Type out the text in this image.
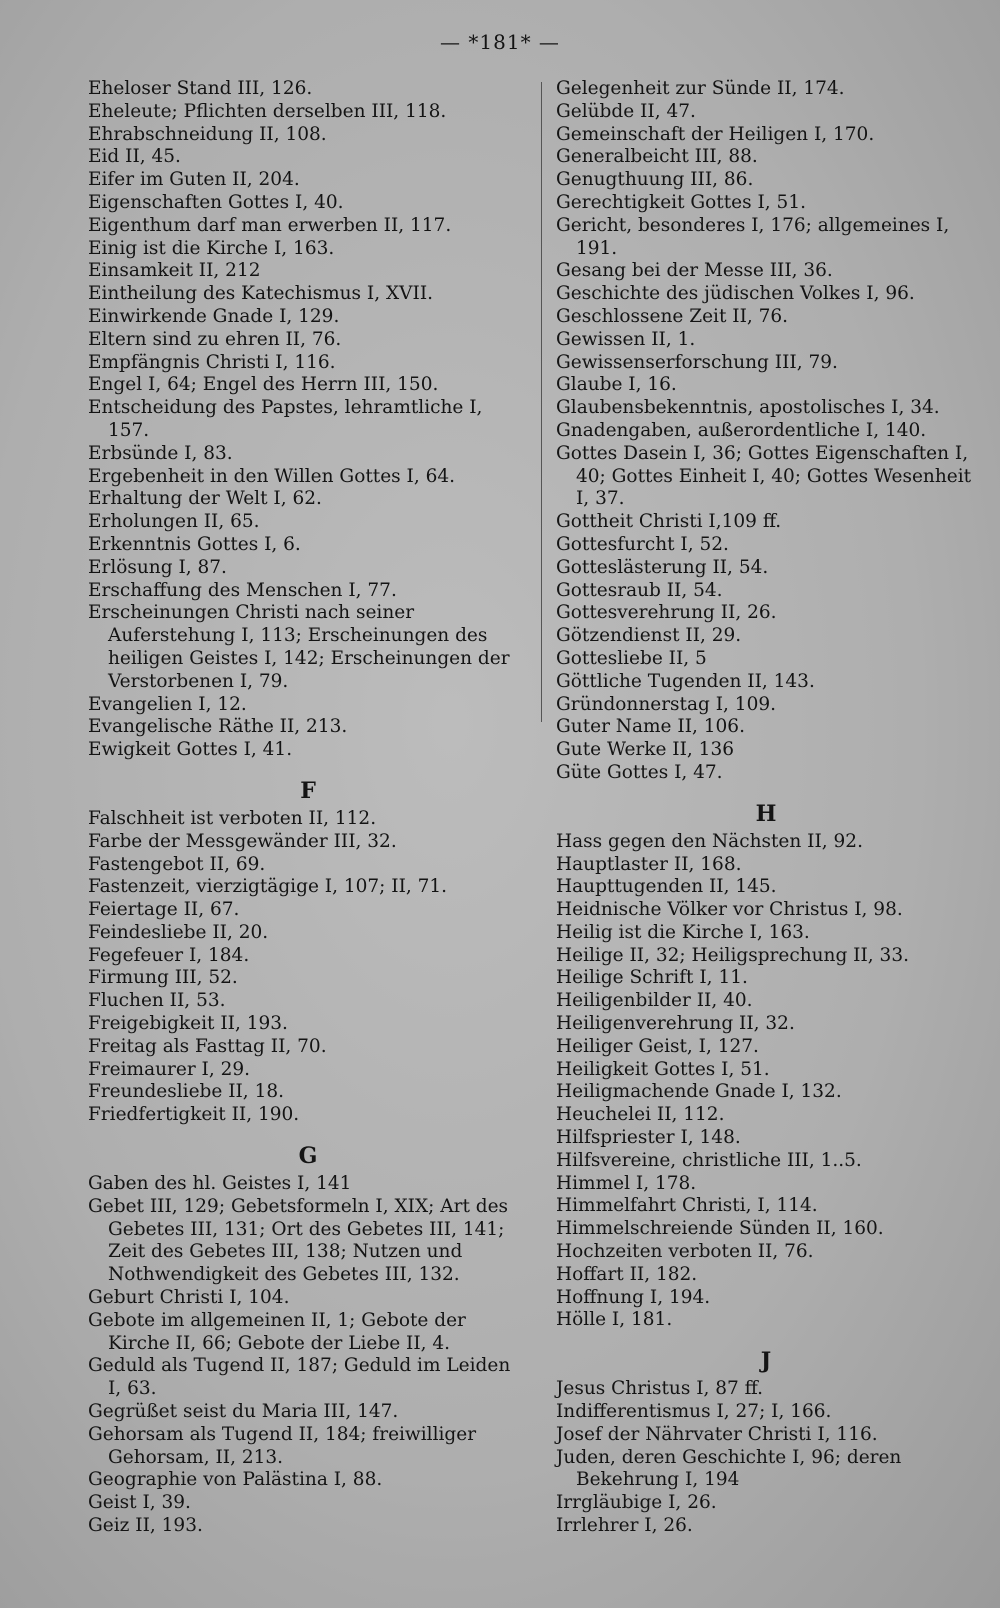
— *181* —

Eheloser Stand III, 126.

Eheleute; Pflichten derselben III, 118.

Ehrabschneidung II, 108.

Eid II, 45.

Eifer im Guten II, 204.

Eigenschaften Gottes I, 40.

Eigenthum darf man erwerben II, 117.

Einig ist die Kirche I, 163.

Einsamkeit II, 212

Eintheilung des Katechismus I, XVII.

Einwirkende Gnade I, 129.

Eltern sind zu ehren II, 76.

Empfängnis Christi I, 116.

Engel I, 64; Engel des Herrn III, 150.

Entscheidung des Papstes, lehramtliche I, 157.

Erbsünde I, 83.

Ergebenheit in den Willen Gottes I, 64.

Erhaltung der Welt I, 62.

Erholungen II, 65.

Erkenntnis Gottes I, 6.

Erlösung I, 87.

Erschaffung des Menschen I, 77.

Erscheinungen Christi nach seiner Auferstehung I, 113; Erscheinungen des heiligen Geistes I, 142; Erscheinungen der Verstorbenen I, 79.

Evangelien I, 12.

Evangelische Räthe II, 213.

Ewigkeit Gottes I, 41.

F

Falschheit ist verboten II, 112.

Farbe der Messgewänder III, 32.

Fastengebot II, 69.

Fastenzeit, vierzigtägige I, 107; II, 71.

Feiertage II, 67.

Feindesliebe II, 20.

Fegefeuer I, 184.

Firmung III, 52.

Fluchen II, 53.

Freigebigkeit II, 193.

Freitag als Fasttag II, 70.

Freimaurer I, 29.

Freundesliebe II, 18.

Friedfertigkeit II, 190.

G

Gaben des hl. Geistes I, 141

Gebet III, 129; Gebetsformeln I, XIX; Art des Gebetes III, 131; Ort des Gebetes III, 141; Zeit des Gebetes III, 138; Nutzen und Nothwendigkeit des Gebetes III, 132.

Geburt Christi I, 104.

Gebote im allgemeinen II, 1; Gebote der Kirche II, 66; Gebote der Liebe II, 4.

Geduld als Tugend II, 187; Geduld im Leiden I, 63.

Gegrüßet seist du Maria III, 147.

Gehorsam als Tugend II, 184; freiwilliger Gehorsam, II, 213.

Geographie von Palästina I, 88.

Geist I, 39.

Geiz II, 193.

Gelegenheit zur Sünde II, 174.

Gelübde II, 47.

Gemeinschaft der Heiligen I, 170.

Generalbeicht III, 88.

Genugthuung III, 86.

Gerechtigkeit Gottes I, 51.

Gericht, besonderes I, 176; allgemeines I, 191.

Gesang bei der Messe III, 36.

Geschichte des jüdischen Volkes I, 96.

Geschlossene Zeit II, 76.

Gewissen II, 1.

Gewissenserforschung III, 79.

Glaube I, 16.

Glaubensbekenntnis, apostolisches I, 34.

Gnadengaben, außerordentliche I, 140.

Gottes Dasein I, 36; Gottes Eigenschaften I, 40; Gottes Einheit I, 40; Gottes Wesenheit I, 37.

Gottheit Christi I,109 ff.

Gottesfurcht I, 52.

Gotteslästerung II, 54.

Gottesraub II, 54.

Gottesverehrung II, 26.

Götzendienst II, 29.

Gottesliebe II, 5

Göttliche Tugenden II, 143.

Gründonnerstag I, 109.

Guter Name II, 106.

Gute Werke II, 136

Güte Gottes I, 47.

H

Hass gegen den Nächsten II, 92.

Hauptlaster II, 168.

Haupttugenden II, 145.

Heidnische Völker vor Christus I, 98.

Heilig ist die Kirche I, 163.

Heilige II, 32; Heiligsprechung II, 33.

Heilige Schrift I, 11.

Heiligenbilder II, 40.

Heiligenverehrung II, 32.

Heiliger Geist, I, 127.

Heiligkeit Gottes I, 51.

Heiligmachende Gnade I, 132.

Heuchelei II, 112.

Hilfspriester I, 148.

Hilfsvereine, christliche III, 1..5.

Himmel I, 178.

Himmelfahrt Christi, I, 114.

Himmelschreiende Sünden II, 160.

Hochzeiten verboten II, 76.

Hoffart II, 182.

Hoffnung I, 194.

Hölle I, 181.

J

Jesus Christus I, 87 ff.

Indifferentismus I, 27; I, 166.

Josef der Nährvater Christi I, 116.

Juden, deren Geschichte I, 96; deren Bekehrung I, 194

Irrgläubige I, 26.

Irrlehrer I, 26.
